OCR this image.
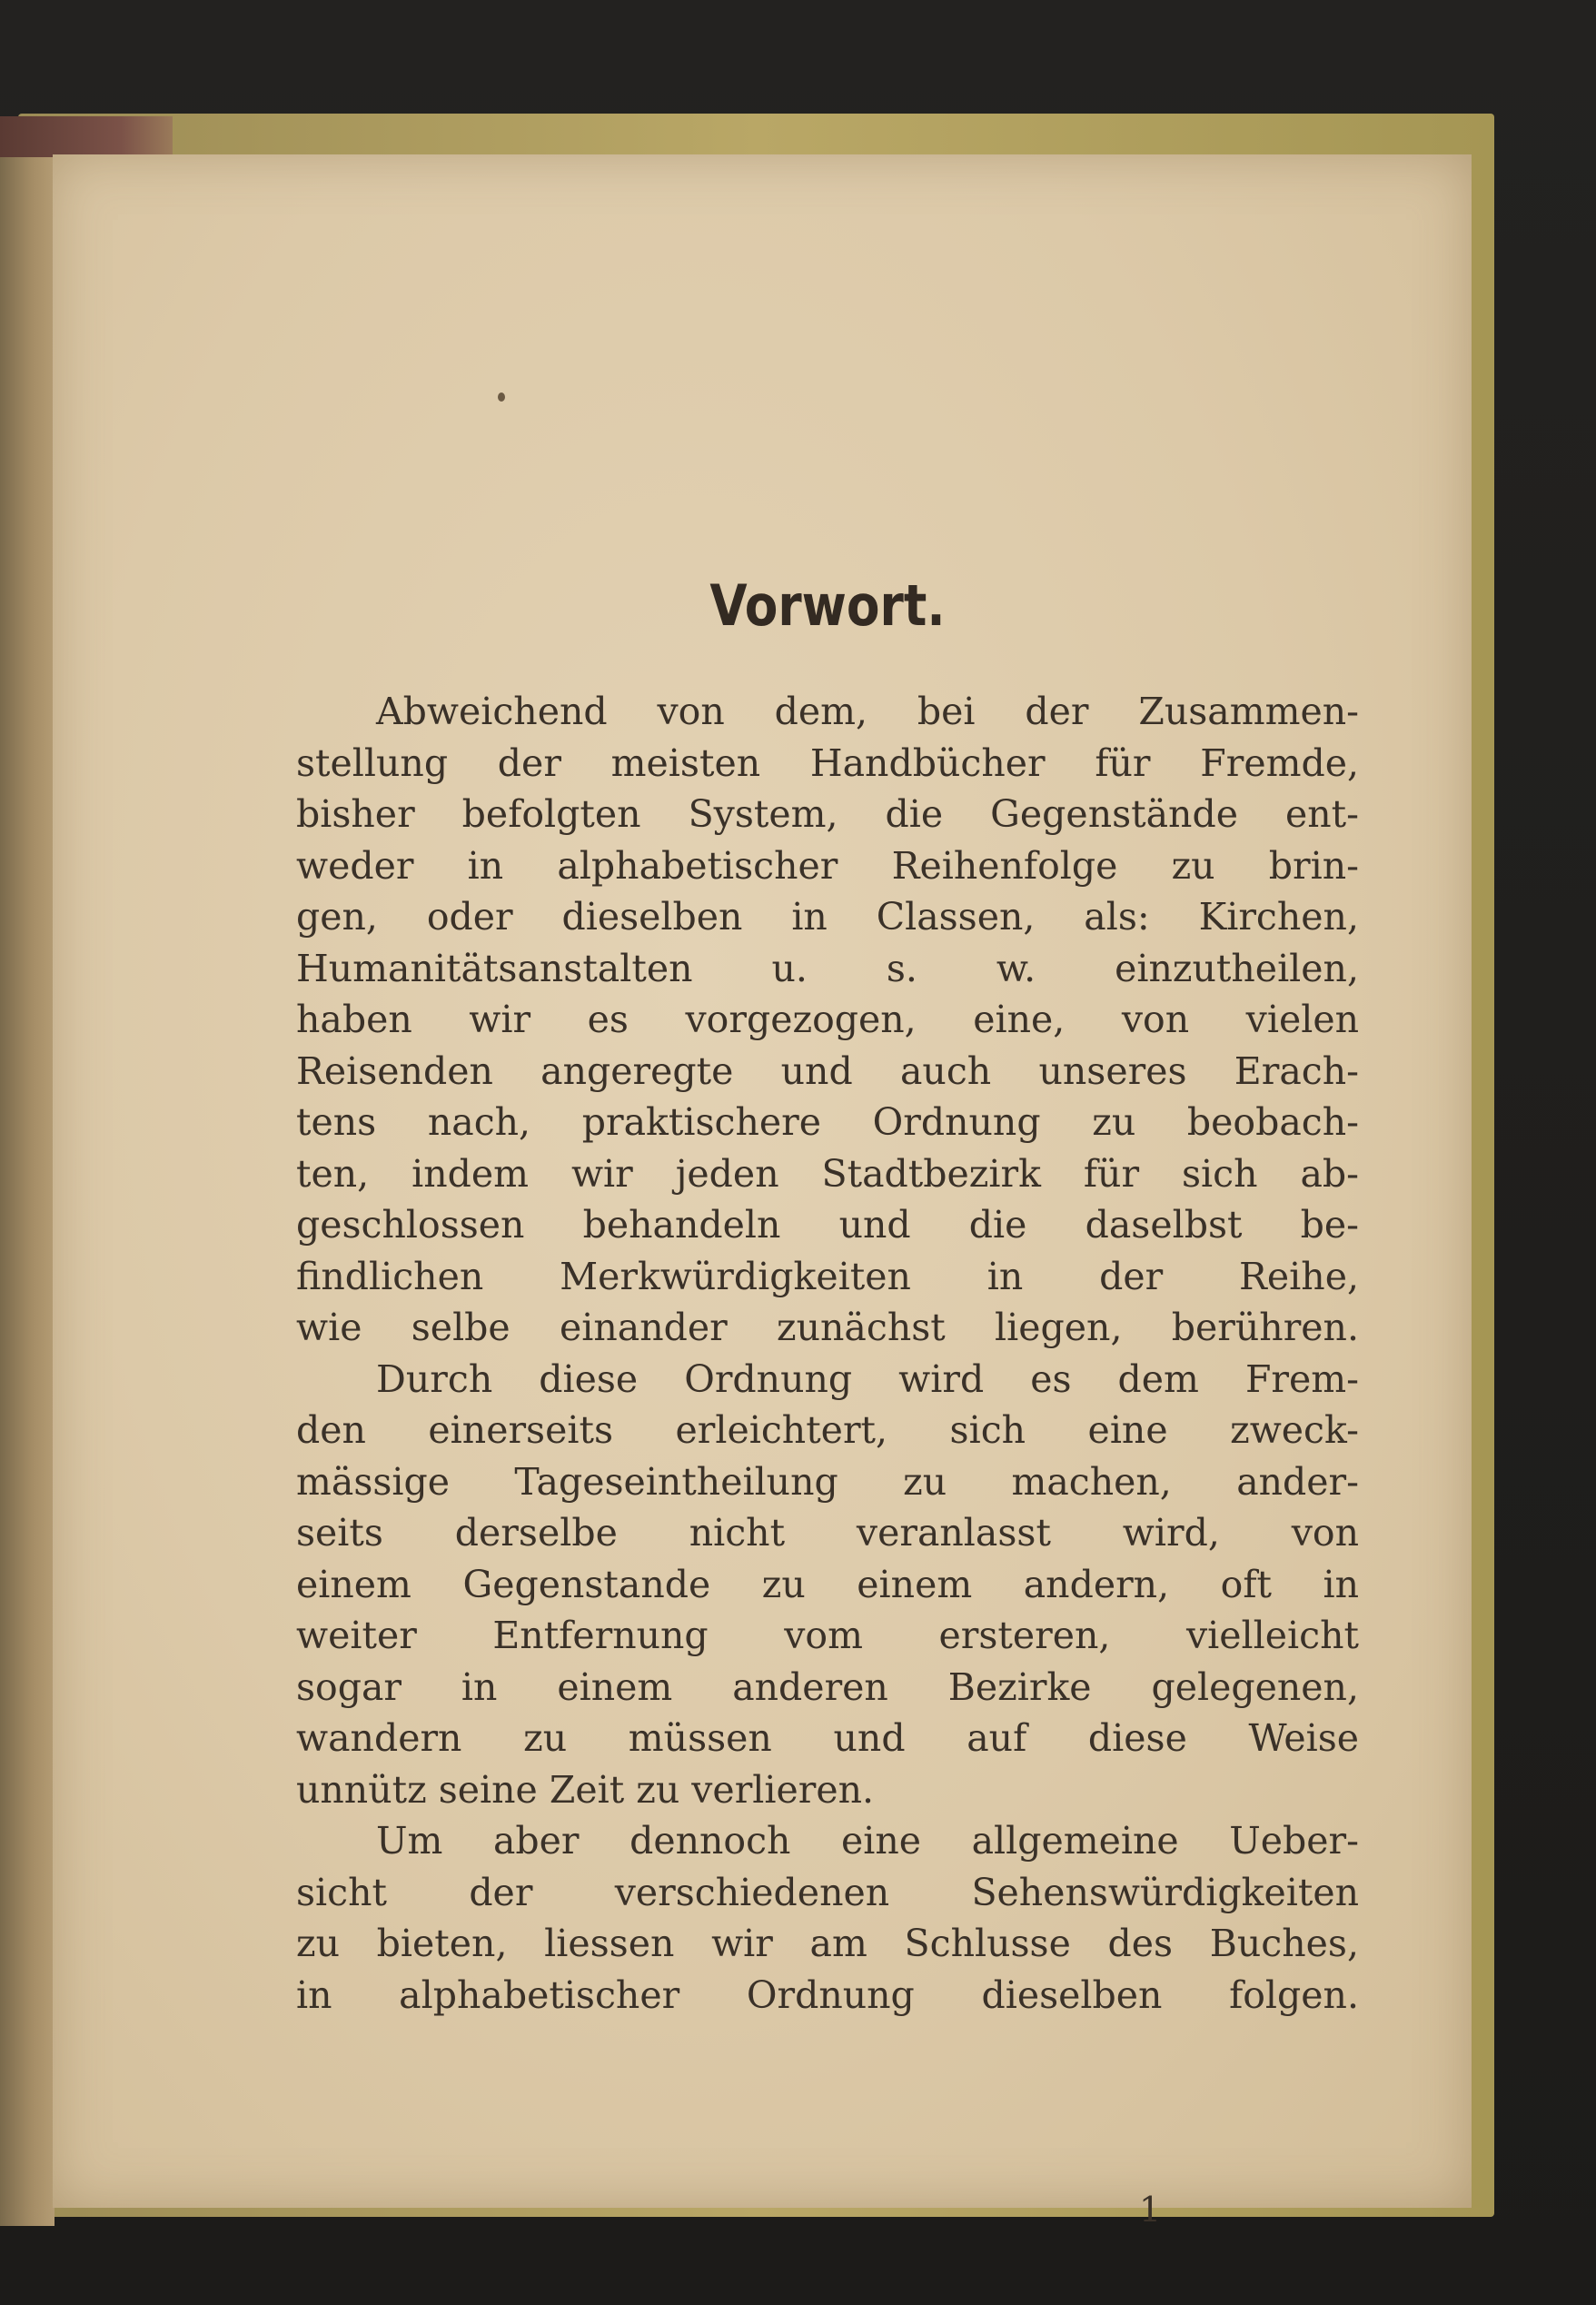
Vorwort.
Abweichend von dem, bei der Zusammen-
stellung der meisten Handbücher für Fremde,
bisher befolgten System, die Gegenstände ent-
weder in alphabetischer Reihenfolge zu brin-
gen, oder dieselben in Classen, als: Kirchen,
Humanitätsanstalten u. s. w. einzutheilen,
haben wir es vorgezogen, eine, von vielen
Reisenden angeregte und auch unseres Erach-
tens nach, praktischere Ordnung zu beobach-
ten, indem wir jeden Stadtbezirk für sich ab-
geschlossen behandeln und die daselbst be-
findlichen Merkwürdigkeiten in der Reihe,
wie selbe einander zunächst liegen, berühren.
Durch diese Ordnung wird es dem Frem-
den einerseits erleichtert, sich eine zweck-
mässige Tageseintheilung zu machen, ander-
seits derselbe nicht veranlasst wird, von
einem Gegenstande zu einem andern, oft in
weiter Entfernung vom ersteren, vielleicht
sogar in einem anderen Bezirke gelegenen,
wandern zu müssen und auf diese Weise
unnütz seine Zeit zu verlieren.
Um aber dennoch eine allgemeine Ueber-
sicht der verschiedenen Sehenswürdigkeiten
zu bieten, liessen wir am Schlusse des Buches,
in alphabetischer Ordnung dieselben folgen.
1
